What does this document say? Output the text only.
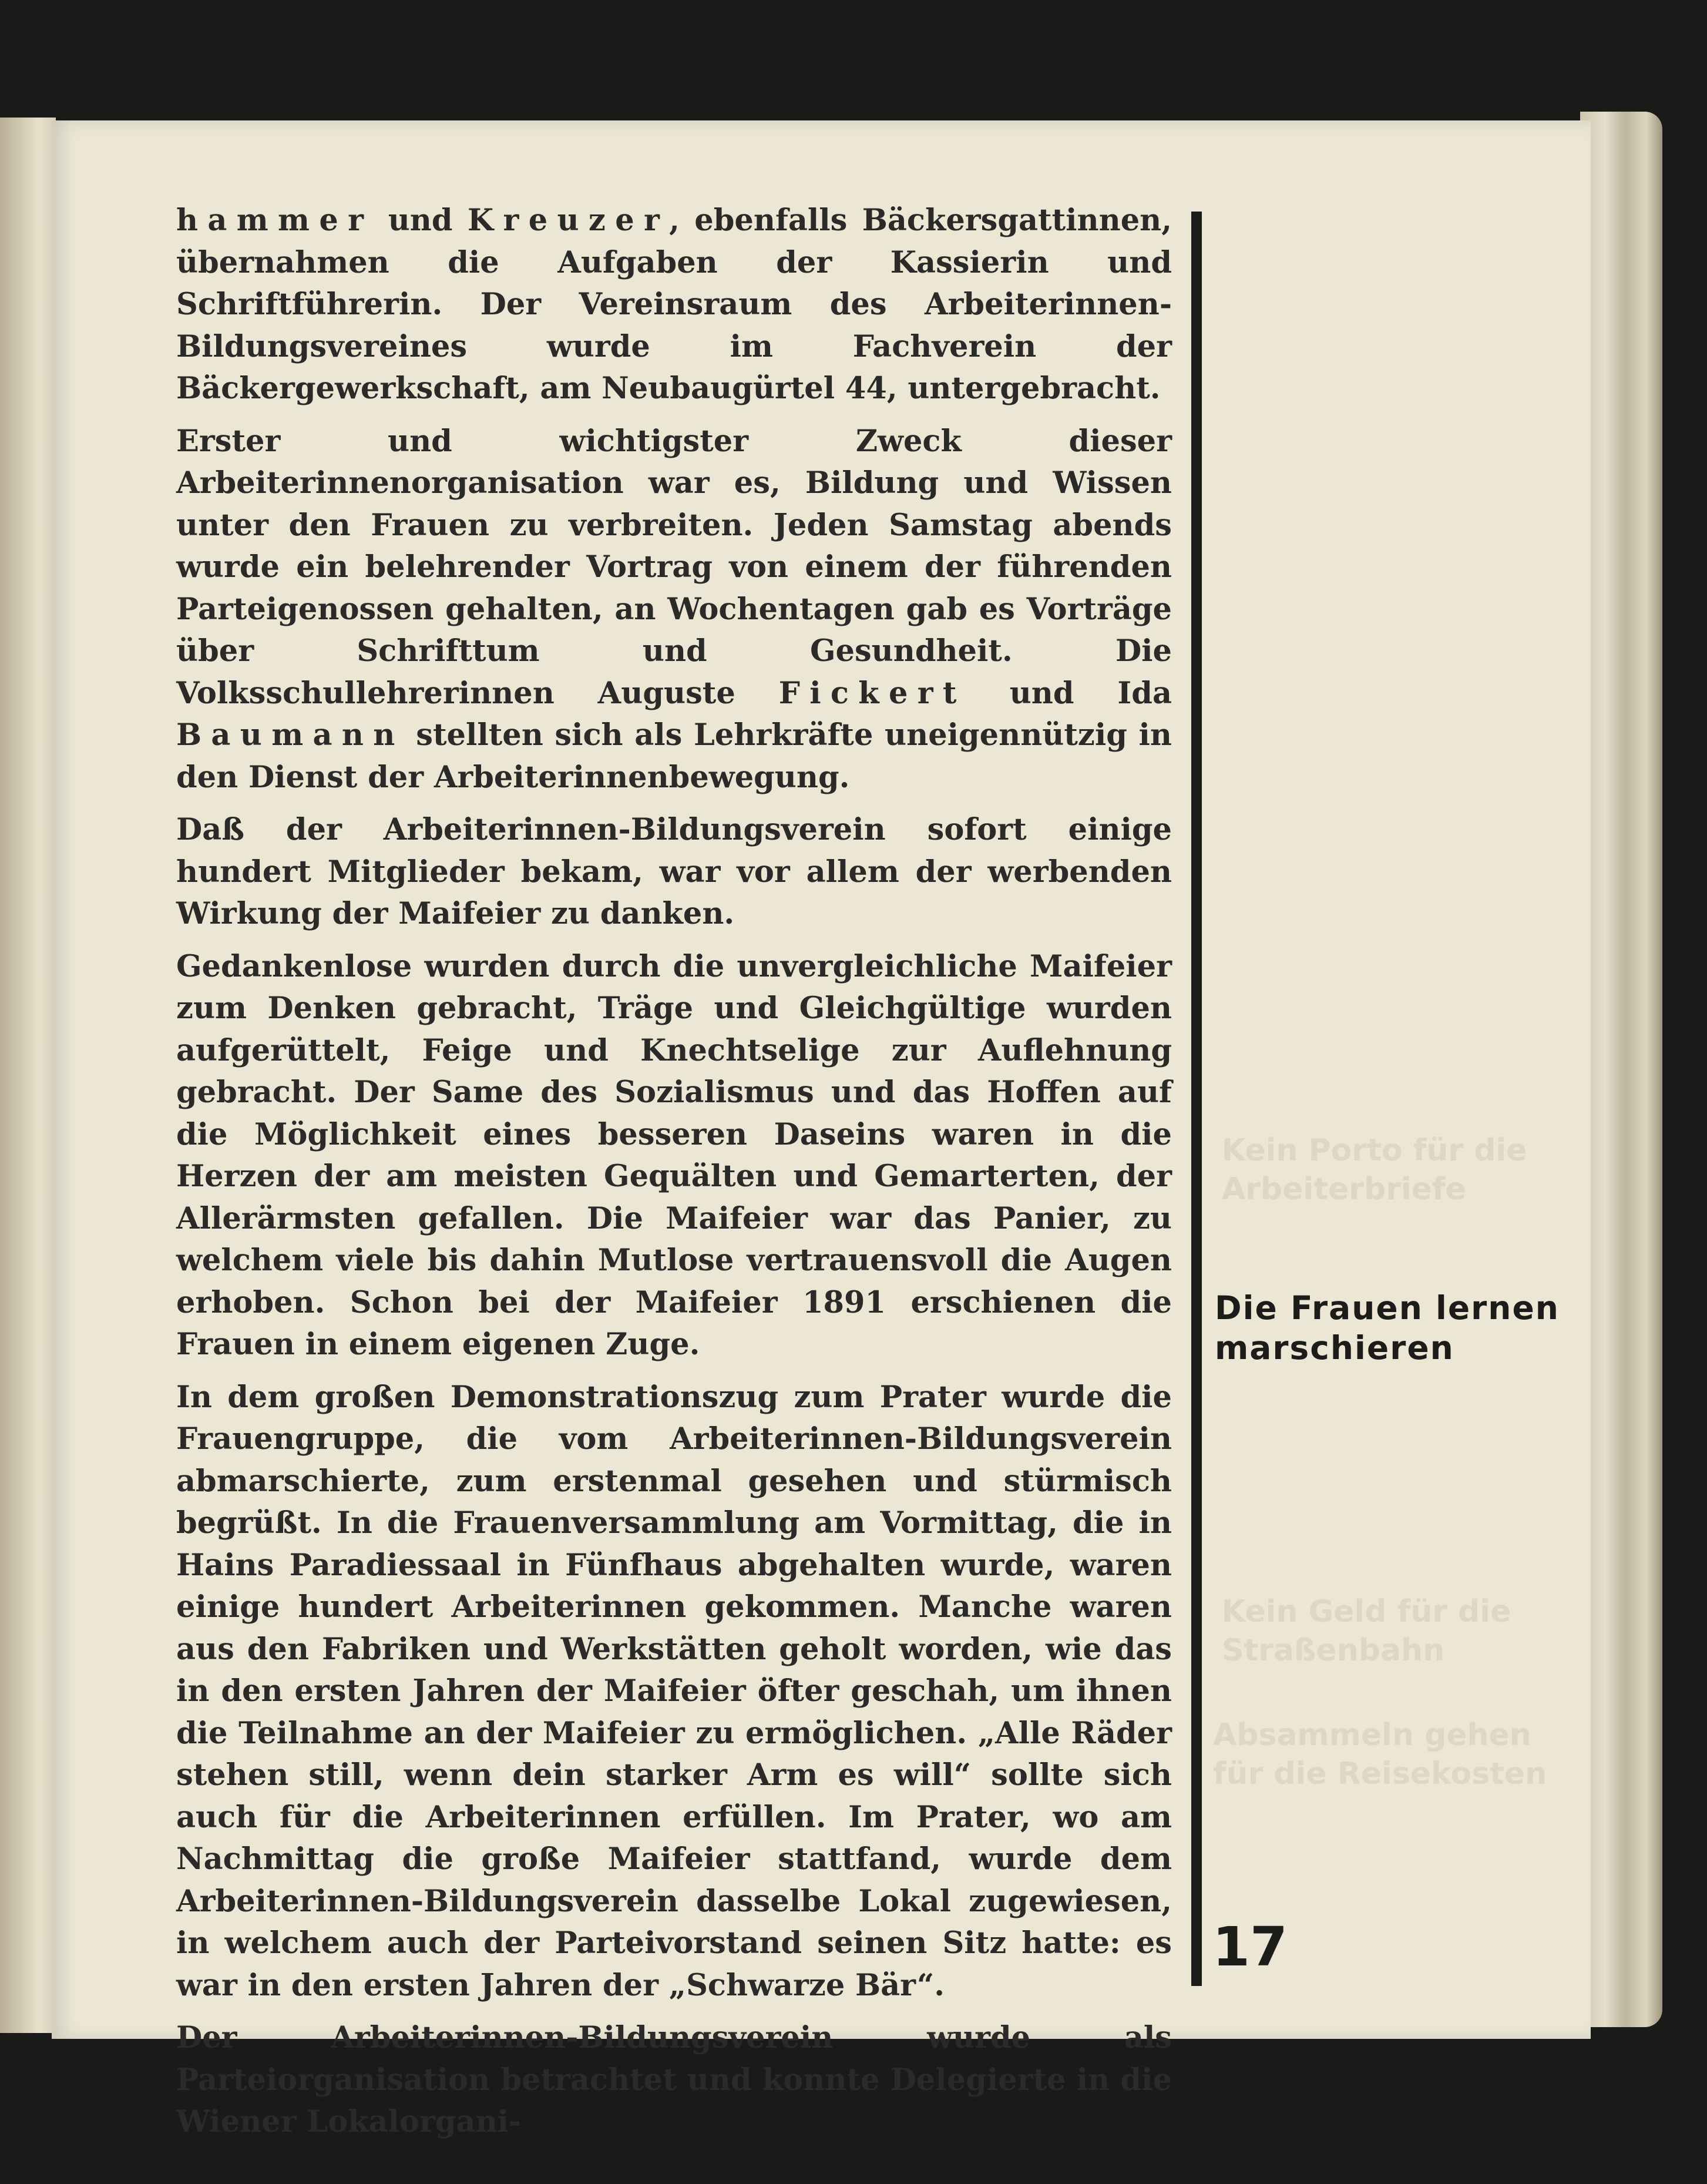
hammer und Kreuzer, ebenfalls Bäckersgattinnen, übernahmen die Aufgaben der Kassierin und Schriftführerin. Der Vereinsraum des Arbeiterinnen-Bildungsvereines wurde im Fachverein der Bäckergewerkschaft, am Neubaugürtel 44, untergebracht.

Erster und wichtigster Zweck dieser Arbeiterinnenorganisation war es, Bildung und Wissen unter den Frauen zu verbreiten. Jeden Samstag abends wurde ein belehrender Vortrag von einem der führenden Parteigenossen gehalten, an Wochentagen gab es Vorträge über Schrifttum und Gesundheit. Die Volksschullehrerinnen Auguste Fickert und Ida Baumann stellten sich als Lehrkräfte uneigennützig in den Dienst der Arbeiterinnenbewegung.

Daß der Arbeiterinnen-Bildungsverein sofort einige hundert Mitglieder bekam, war vor allem der werbenden Wirkung der Maifeier zu danken.

Gedankenlose wurden durch die unvergleichliche Maifeier zum Denken gebracht, Träge und Gleichgültige wurden aufgerüttelt, Feige und Knechtselige zur Auflehnung gebracht. Der Same des Sozialismus und das Hoffen auf die Möglichkeit eines besseren Daseins waren in die Herzen der am meisten Gequälten und Gemarterten, der Allerärmsten gefallen. Die Maifeier war das Panier, zu welchem viele bis dahin Mutlose vertrauensvoll die Augen erhoben. Schon bei der Maifeier 1891 erschienen die Frauen in einem eigenen Zuge.

In dem großen Demonstrationszug zum Prater wurde die Frauengruppe, die vom Arbeiterinnen-Bildungsverein abmarschierte, zum erstenmal gesehen und stürmisch begrüßt. In die Frauenversammlung am Vormittag, die in Hains Paradiessaal in Fünfhaus abgehalten wurde, waren einige hundert Arbeiterinnen gekommen. Manche waren aus den Fabriken und Werkstätten geholt worden, wie das in den ersten Jahren der Maifeier öfter geschah, um ihnen die Teilnahme an der Maifeier zu ermöglichen. „Alle Räder stehen still, wenn dein starker Arm es will“ sollte sich auch für die Arbeiterinnen erfüllen. Im Prater, wo am Nachmittag die große Maifeier stattfand, wurde dem Arbeiterinnen-Bildungsverein dasselbe Lokal zugewiesen, in welchem auch der Parteivorstand seinen Sitz hatte: es war in den ersten Jahren der „Schwarze Bär“.

Der Arbeiterinnen-Bildungsverein wurde als Parteiorganisation betrachtet und konnte Delegierte in die Wiener Lokalorgani-

Kein Porto für die Arbeiterbriefe
Die Frauen lernen
marschieren
Kein Geld für die Straßenbahn
Absammeln gehen für die Reisekosten
17
